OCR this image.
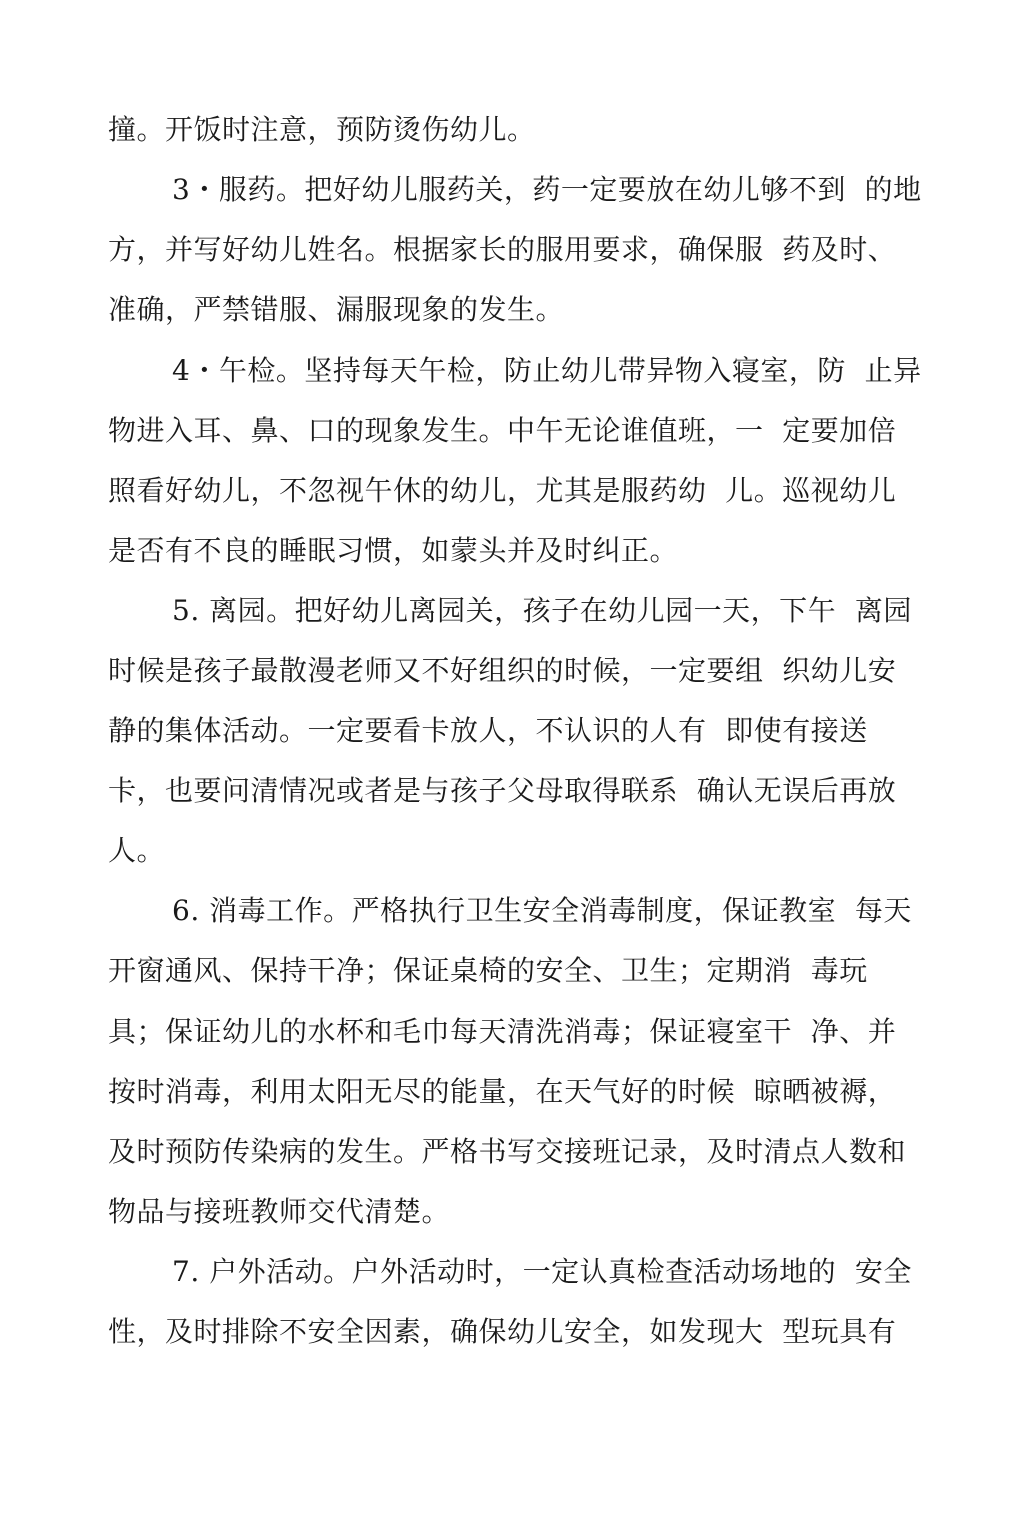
撞。开饭时注意，预防烫伤幼儿。
3・服药。把好幼儿服药关，药一定要放在幼儿够不到  的地
方，并写好幼儿姓名。根据家长的服用要求，确保服  药及时、
准确，严禁错服、漏服现象的发生。
4・午检。坚持每天午检，防止幼儿带异物入寝室，防  止异
物进入耳、鼻、口的现象发生。中午无论谁值班，一  定要加倍
照看好幼儿，不忽视午休的幼儿，尤其是服药幼  儿。巡视幼儿
是否有不良的睡眠习惯，如蒙头并及时纠正。
5. 离园。把好幼儿离园关，孩子在幼儿园一天，下午  离园
时候是孩子最散漫老师又不好组织的时候，一定要组  织幼儿安
静的集体活动。一定要看卡放人，不认识的人有  即使有接送
卡，也要问清情况或者是与孩子父母取得联系  确认无误后再放
人。
6. 消毒工作。严格执行卫生安全消毒制度，保证教室  每天
开窗通风、保持干净；保证桌椅的安全、卫生；定期消  毒玩
具；保证幼儿的水杯和毛巾每天清洗消毒；保证寝室干  净、并
按时消毒，利用太阳无尽的能量，在天气好的时候  晾晒被褥，
及时预防传染病的发生。严格书写交接班记录，及时清点人数和
物品与接班教师交代清楚。
7. 户外活动。户外活动时，一定认真检查活动场地的  安全
性，及时排除不安全因素，确保幼儿安全，如发现大  型玩具有
